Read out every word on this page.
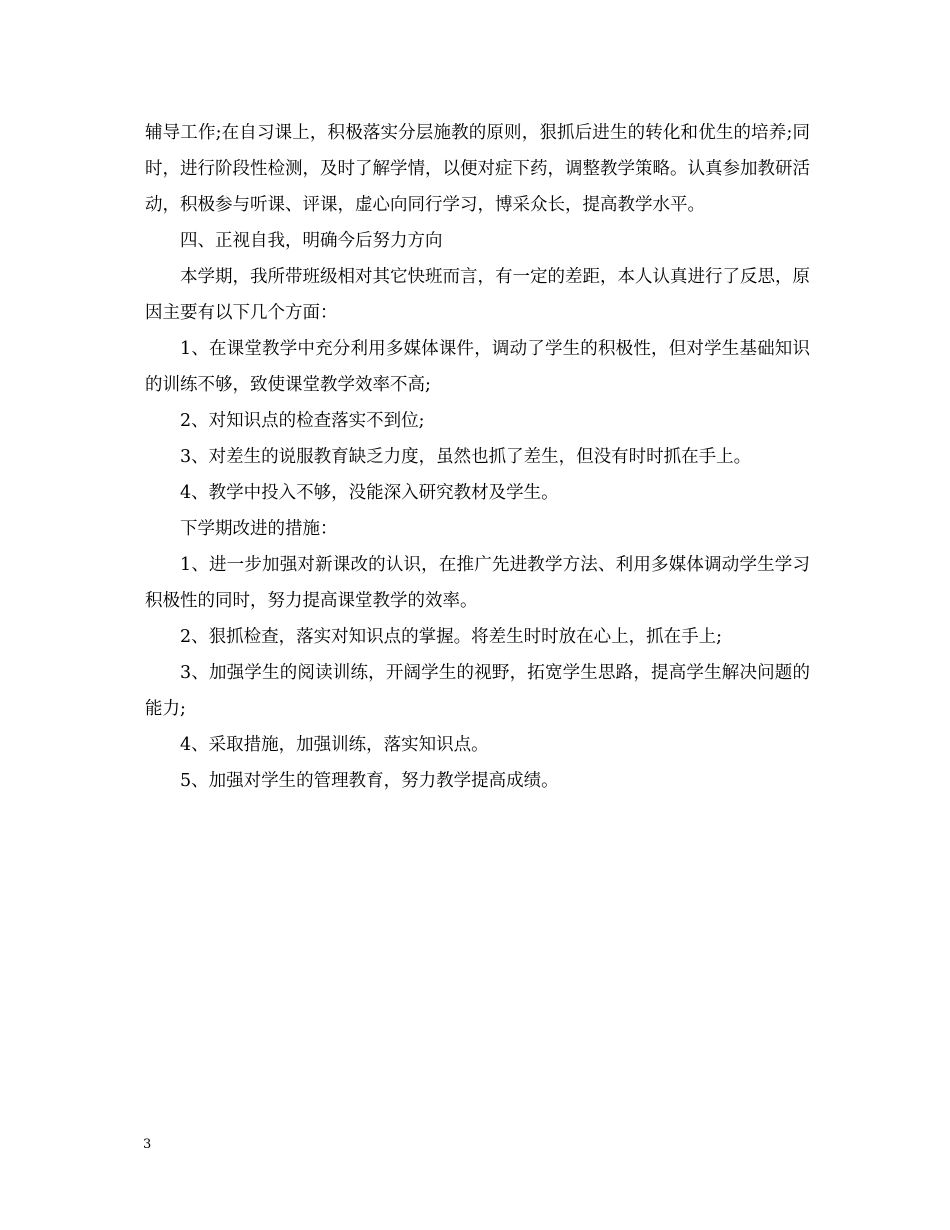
辅导工作;在自习课上，积极落实分层施教的原则，狠抓后进生的转化和优生的培养;同时，进行阶段性检测，及时了解学情，以便对症下药，调整教学策略。认真参加教研活动，积极参与听课、评课，虚心向同行学习，博采众长，提高教学水平。

四、正视自我，明确今后努力方向

本学期，我所带班级相对其它快班而言，有一定的差距，本人认真进行了反思，原因主要有以下几个方面：

1、在课堂教学中充分利用多媒体课件，调动了学生的积极性，但对学生基础知识的训练不够，致使课堂教学效率不高;

2、对知识点的检查落实不到位;

3、对差生的说服教育缺乏力度，虽然也抓了差生，但没有时时抓在手上。

4、教学中投入不够，没能深入研究教材及学生。

下学期改进的措施：

1、进一步加强对新课改的认识，在推广先进教学方法、利用多媒体调动学生学习积极性的同时，努力提高课堂教学的效率。

2、狠抓检查，落实对知识点的掌握。将差生时时放在心上，抓在手上;

3、加强学生的阅读训练，开阔学生的视野，拓宽学生思路，提高学生解决问题的能力;

4、采取措施，加强训练，落实知识点。

5、加强对学生的管理教育，努力教学提高成绩。

3
